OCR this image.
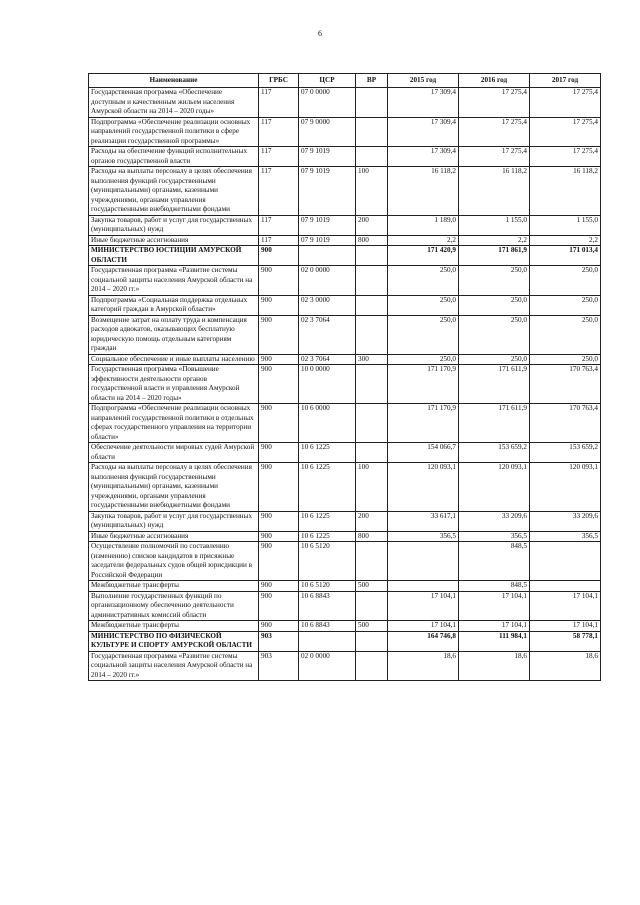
6
Наименование	ГРБС	ЦСР	ВР	2015 год	2016 год	2017 год
Государственная программа «Обеспечение доступным и качественным жильем населения Амурской области на 2014 – 2020 годы»	117	07 0 0000		17 309,4	17 275,4	17 275,4
Подпрограмма «Обеспечение реализации основных направлений государственной политики в сфере реализации государственной программы»	117	07 9 0000		17 309,4	17 275,4	17 275,4
Расходы на обеспечение функций исполнительных органов государственной власти	117	07 9 1019		17 309,4	17 275,4	17 275,4
Расходы на выплаты персоналу в целях обеспечения выполнения функций государственными (муниципальными) органами, казенными учреждениями, органами управления государственными внебюджетными фондами	117	07 9 1019	100	16 118,2	16 118,2	16 118,2
Закупка товаров, работ и услуг для государственных (муниципальных) нужд	117	07 9 1019	200	1 189,0	1 155,0	1 155,0
Иные бюджетные ассигнования	117	07 9 1019	800	2,2	2,2	2,2
МИНИСТЕРСТВО ЮСТИЦИИ АМУРСКОЙ ОБЛАСТИ	900			171 420,9	171 861,9	171 013,4
Государственная программа «Развитие системы социальной защиты населения Амурской области на 2014 – 2020 гг.»	900	02 0 0000		250,0	250,0	250,0
Подпрограмма «Социальная поддержка отдельных категорий граждан в Амурской области»	900	02 3 0000		250,0	250,0	250,0
Возмещение затрат на оплату труда и компенсация расходов адвокатов, оказывающих бесплатную юридическую помощь отдельным категориям граждан	900	02 3 7064		250,0	250,0	250,0
Социальное обеспечение и иные выплаты населению	900	02 3 7064	300	250,0	250,0	250,0
Государственная программа «Повышение эффективности деятельности органов государственной власти и управления Амурской области на 2014 – 2020 годы»	900	10 0 0000		171 170,9	171 611,9	170 763,4
Подпрограмма «Обеспечение реализации основных направлений государственной политики в отдельных сферах государственного управления на территории области»	900	10 6 0000		171 170,9	171 611,9	170 763,4
Обеспечение деятельности мировых судей Амурской области	900	10 6 1225		154 066,7	153 659,2	153 659,2
Расходы на выплаты персоналу в целях обеспечения выполнения функций государственными (муниципальными) органами, казенными учреждениями, органами управления государственными внебюджетными фондами	900	10 6 1225	100	120 093,1	120 093,1	120 093,1
Закупка товаров, работ и услуг для государственных (муниципальных) нужд	900	10 6 1225	200	33 617,1	33 209,6	33 209,6
Иные бюджетные ассигнования	900	10 6 1225	800	356,5	356,5	356,5
Осуществление полномочий по составлению (изменению) списков кандидатов в присяжные заседатели федеральных судов общей юрисдикции в Российской Федерации	900	10 6 5120			848,5	
Межбюджетные трансферты	900	10 6 5120	500		848,5	
Выполнение государственных функций по организационному обеспечению деятельности административных комиссий области	900	10 6 8843		17 104,1	17 104,1	17 104,1
Межбюджетные трансферты	900	10 6 8843	500	17 104,1	17 104,1	17 104,1
МИНИСТЕРСТВО ПО ФИЗИЧЕСКОЙ КУЛЬТУРЕ И СПОРТУ АМУРСКОЙ ОБЛАСТИ	903			164 746,8	111 984,1	58 778,1
Государственная программа «Развитие системы социальной защиты населения Амурской области на 2014 – 2020 гг.»	903	02 0 0000		18,6	18,6	18,6
